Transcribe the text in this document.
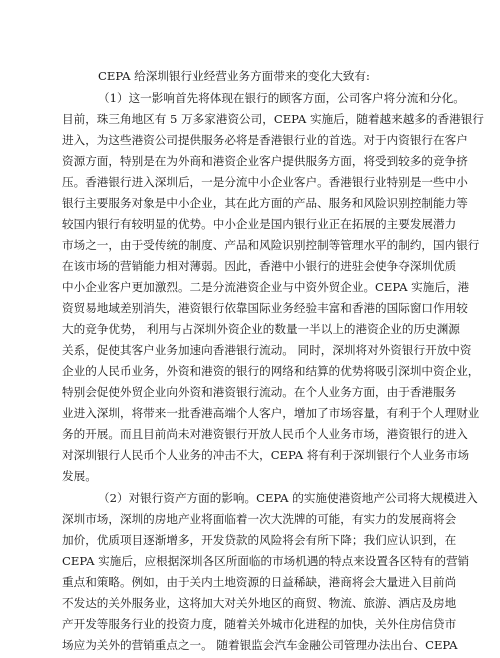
CEPA 给深圳银行业经营业务方面带来的变化大致有:
（1）这一影响首先将体现在银行的顾客方面，公司客户将分流和分化。
目前，珠三角地区有 5 万多家港资公司，CEPA 实施后，随着越来越多的香港银行
进入，为这些港资公司提供服务必将是香港银行业的首选。对于内资银行在客户
资源方面，特别是在为外商和港资企业客户提供服务方面，将受到较多的竞争挤
压。香港银行进入深圳后，一是分流中小企业客户。香港银行业特别是一些中小
银行主要服务对象是中小企业，其在此方面的产品、服务和风险识别控制能力等
较国内银行有较明显的优势。中小企业是国内银行业正在拓展的主要发展潜力
市场之一，由于受传统的制度、产品和风险识别控制等管理水平的制约，国内银行
在该市场的营销能力相对薄弱。因此，香港中小银行的进驻会使争夺深圳优质
中小企业客户更加激烈。二是分流港资企业与中资外贸企业。CEPA 实施后，港
资贸易地域差别消失，港资银行依靠国际业务经验丰富和香港的国际窗口作用较
大的竞争优势， 利用与占深圳外资企业的数量一半以上的港资企业的历史渊源
关系，促使其客户业务加速向香港银行流动。 同时，深圳将对外资银行开放中资
企业的人民币业务，外资和港资的银行的网络和结算的优势将吸引深圳中资企业，
特别会促使外贸企业向外资和港资银行流动。在个人业务方面，由于香港服务
业进入深圳，将带来一批香港高端个人客户，增加了市场容量，有利于个人理财业
务的开展。而且目前尚未对港资银行开放人民币个人业务市场，港资银行的进入
对深圳银行人民币个人业务的冲击不大，CEPA 将有利于深圳银行个人业务市场
发展。
（2）对银行资产方面的影响。CEPA 的实施使港资地产公司将大规模进入
深圳市场，深圳的房地产业将面临着一次大洗牌的可能，有实力的发展商将会
加价，优质项目逐渐增多，开发贷款的风险将会有所下降；我们应认识到，在
CEPA 实施后，应根据深圳各区所面临的市场机遇的特点来设置各区特有的营销
重点和策略。例如，由于关内土地资源的日益稀缺，港商将会大量进入目前尚
不发达的关外服务业，这将加大对关外地区的商贸、物流、旅游、酒店及房地
产开发等服务行业的投资力度，随着关外城市化进程的加快，关外住房信贷市
场应为关外的营销重点之一。 随着银监会汽车金融公司管理办法出台、CEPA
